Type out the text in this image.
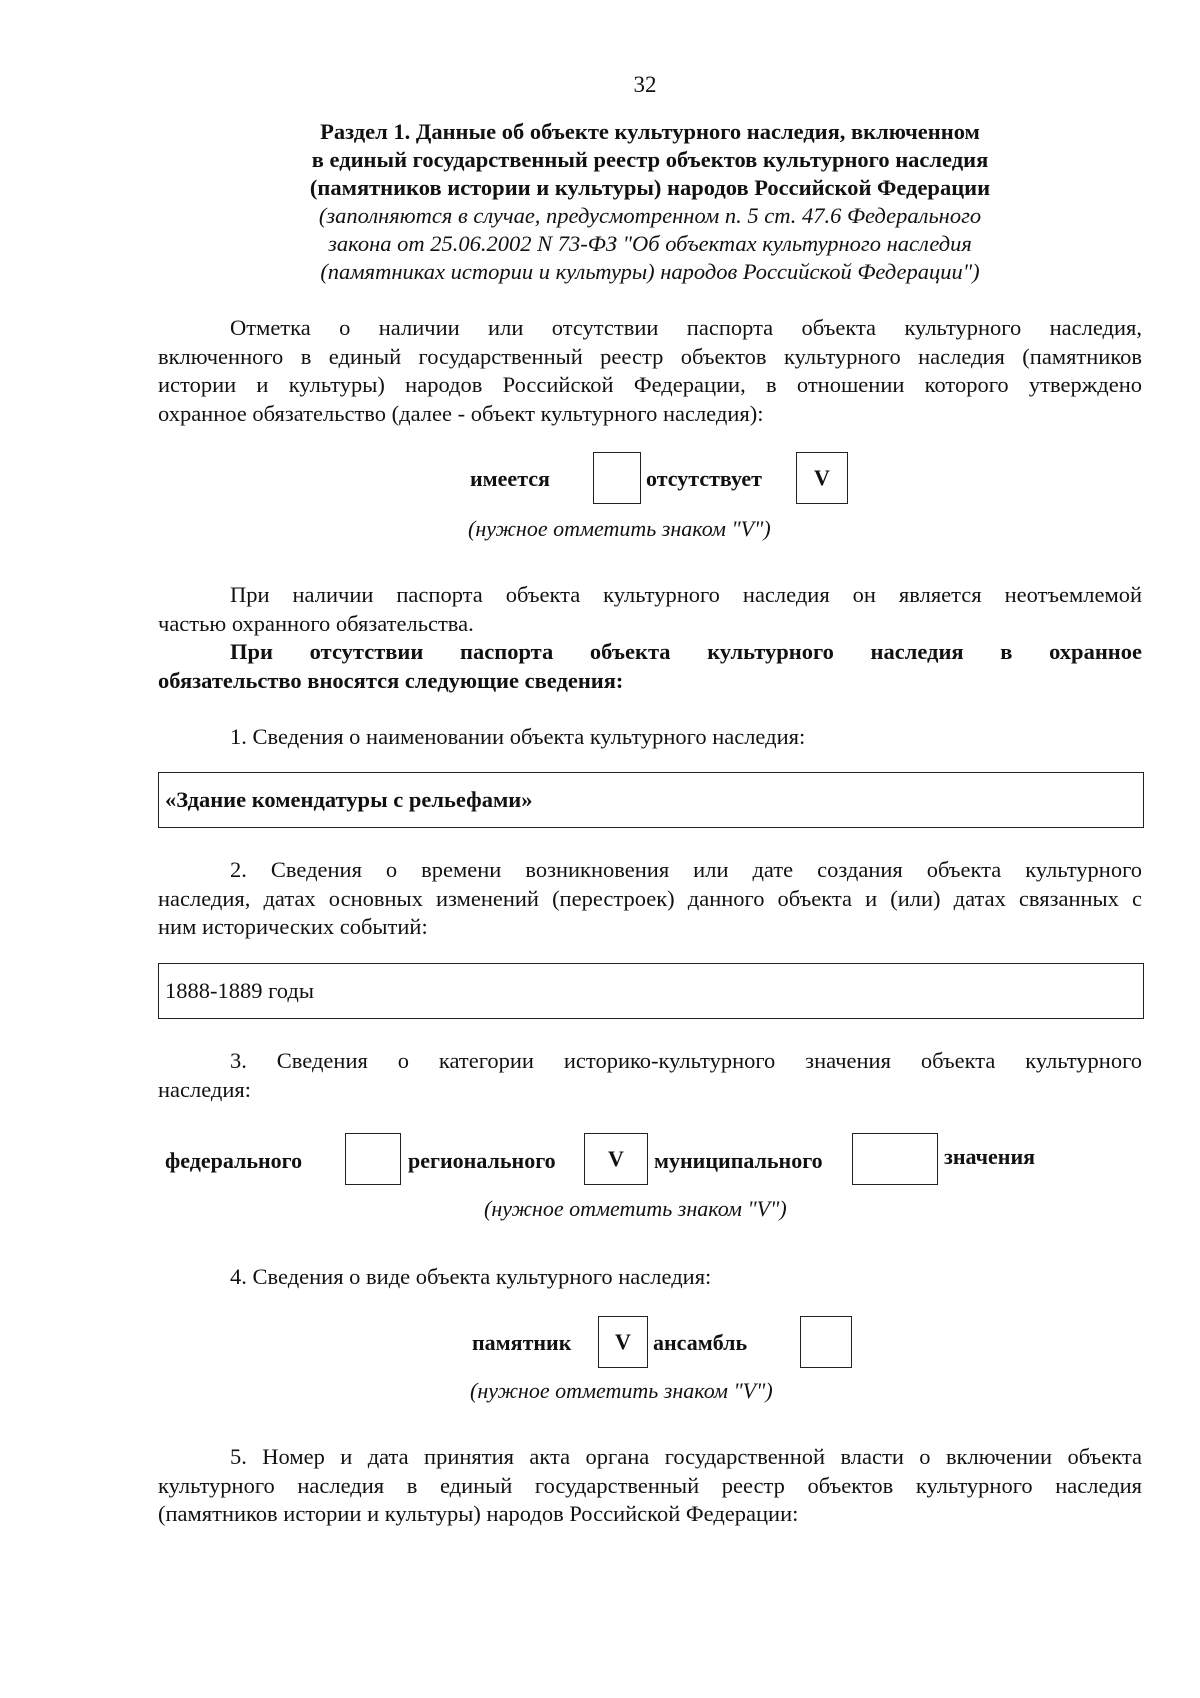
32
Раздел 1. Данные об объекте культурного наследия, включенном
в единый государственный реестр объектов культурного наследия
(памятников истории и культуры) народов Российской Федерации
(заполняются в случае, предусмотренном п. 5 ст. 47.6 Федерального
закона от 25.06.2002 N 73-ФЗ "Об объектах культурного наследия
(памятниках истории и культуры) народов Российской Федерации")
Отметка о наличии или отсутствии паспорта объекта культурного наследия,
включенного в единый государственный реестр объектов культурного наследия (памятников
истории и культуры) народов Российской Федерации, в отношении которого утверждено
охранное обязательство (далее - объект культурного наследия):
имеется	отсутствует	V
(нужное отметить знаком "V")
При наличии паспорта объекта культурного наследия он является неотъемлемой
частью охранного обязательства.
При отсутствии паспорта объекта культурного наследия в охранное
обязательство вносятся следующие сведения:
1. Сведения о наименовании объекта культурного наследия:
«Здание комендатуры с рельефами»
2. Сведения о времени возникновения или дате создания объекта культурного
наследия, датах основных изменений (перестроек) данного объекта и (или) датах связанных с
ним исторических событий:
1888-1889 годы
3. Сведения о категории историко-культурного значения объекта культурного
наследия:
федерального	регионального	V	муниципального	значения
(нужное отметить знаком "V")
4. Сведения о виде объекта культурного наследия:
памятник	V	ансамбль
(нужное отметить знаком "V")
5. Номер и дата принятия акта органа государственной власти о включении объекта
культурного наследия в единый государственный реестр объектов культурного наследия
(памятников истории и культуры) народов Российской Федерации:
